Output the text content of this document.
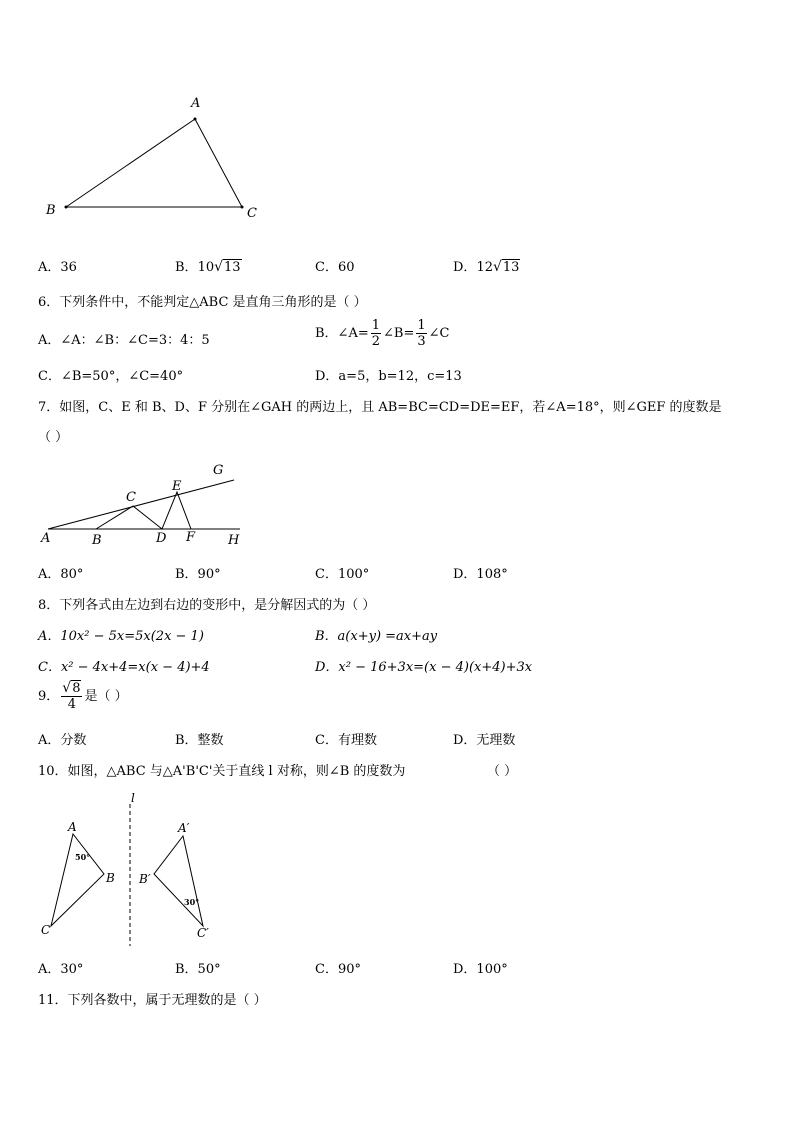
A
B	C
A．36	B．10√13	C．60	D．12√13
6．下列条件中，不能判定△ABC 是直角三角形的是（ ）
A．∠A：∠B：∠C=3：4：5	B．∠A= $\frac{1}{2}$ ∠B= $\frac{1}{3}$ ∠C
C．∠B=50°，∠C=40°	D．a=5，b=12，c=13
7．如图，C、E 和 B、D、F 分别在∠GAH 的两边上，且 AB=BC=CD=DE=EF，若∠A=18°，则∠GEF 的度数是
（ ）
G
C
E
A	B	D F	H
A．80°	B．90°	C．100°	D．108°
8．下列各式由左边到右边的变形中，是分解因式的为（ ）
A．10x² − 5x=5x(2x − 1)	B．a(x+y) =ax+ay
C．x² − 4x+4=x(x − 4)+4	D．x² − 16+3x=(x − 4)(x+4)+3x
9． $\frac{√8}{4}$ 是（ ）
A．分数	B．整数	C．有理数	D．无理数
10．如图，△ABC 与△A'B'C'关于直线 l 对称，则∠B 的度数为	（ ）
l
A
50°
B
C
A′
B′
30°
C′
A．30°	B．50°	C．90°	D．100°
11．下列各数中，属于无理数的是（ ）
